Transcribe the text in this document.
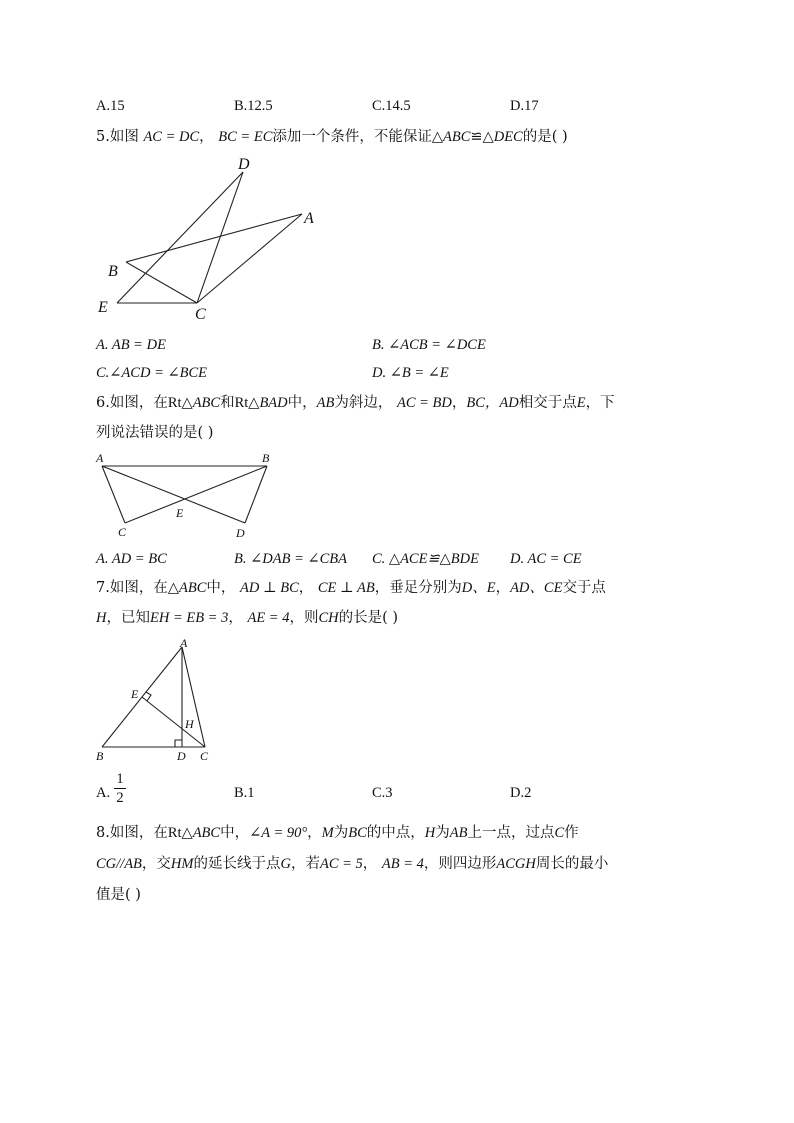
A.15	B.12.5	C.14.5	D.17
5.如图 AC = DC， BC = EC添加一个条件，不能保证△ABC≌△DEC的是( )
D
A
B
E	C
A. AB = DE	B. ∠ACB = ∠DCE
C.∠ACD = ∠BCE	D. ∠B = ∠E
6.如图，在Rt△ABC和Rt△BAD中，AB为斜边， AC = BD，BC，AD相交于点E，下
列说法错误的是( )
A	B
C	D
E
A. AD = BC	B. ∠DAB = ∠CBA C. △ACE≌△BDE D. AC = CE
7.如图，在△ABC中， AD ⊥ BC， CE ⊥ AB，垂足分别为D、E，AD、CE交于点
H，已知EH = EB = 3， AE = 4，则CH的长是( )
A
E
H
B	D C
A.
1
2	B.1	C.3	D.2
8.如图，在Rt△ABC中，∠A = 90°，M为BC的中点，H为AB上一点，过点C作
CG//AB，交HM的延长线于点G，若AC = 5， AB = 4，则四边形ACGH周长的最小
值是( )
